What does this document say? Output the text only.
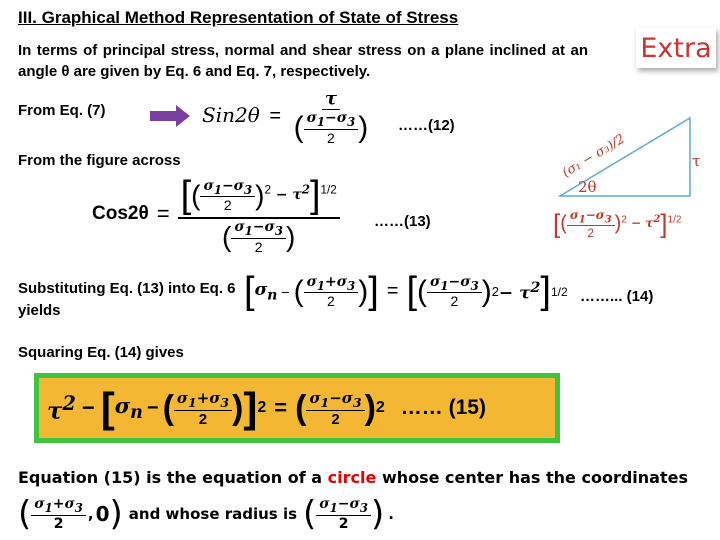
III. Graphical Method Representation of State of Stress
In terms of principal stress, normal and shear stress on a plane inclined at an angle θ are given by Eq. 6 and Eq. 7, respectively.
Extra
From Eq. (7)	$Sin2\theta = \frac{\tau}{( \frac{\sigma_1-\sigma_3}{2} )}$ ……(12)
From the figure across	(σ₁ − σ₃)/2
2θ
τ
[( $\frac{\sigma_1-\sigma_3}{2} )^2 - \tau^2]^{1/2}$
$Cos2\theta = \frac{[( \frac{\sigma_1-\sigma_3}{2} )^2 - \tau^2]^{1/2}}{( \frac{\sigma_1-\sigma_3}{2} )}$ ……(13)
Substituting Eq. (13) into Eq. 6 yields	[ $\sigma_n$ − ( $\frac{\sigma_1+\sigma_3}{2}$ ) ] = [ ( $\frac{\sigma_1-\sigma_3}{2}$ ) $2 - \tau^2$ ] 1/2 ……... (14)
Squaring Eq. (14) gives
$\tau^2$ − [ $\sigma_n$ − ( $\frac{\sigma_1+\sigma_3}{2}$ ) ] 2 = ( $\frac{\sigma_1-\sigma_3}{2}$ ) 2 …… (15)
Equation (15) is the equation of a circle whose center has the coordinates
( $\frac{\sigma_1+\sigma_3}{2}$ , 0 ) and whose radius is ( $\frac{\sigma_1-\sigma_3}{2}$ ) .
